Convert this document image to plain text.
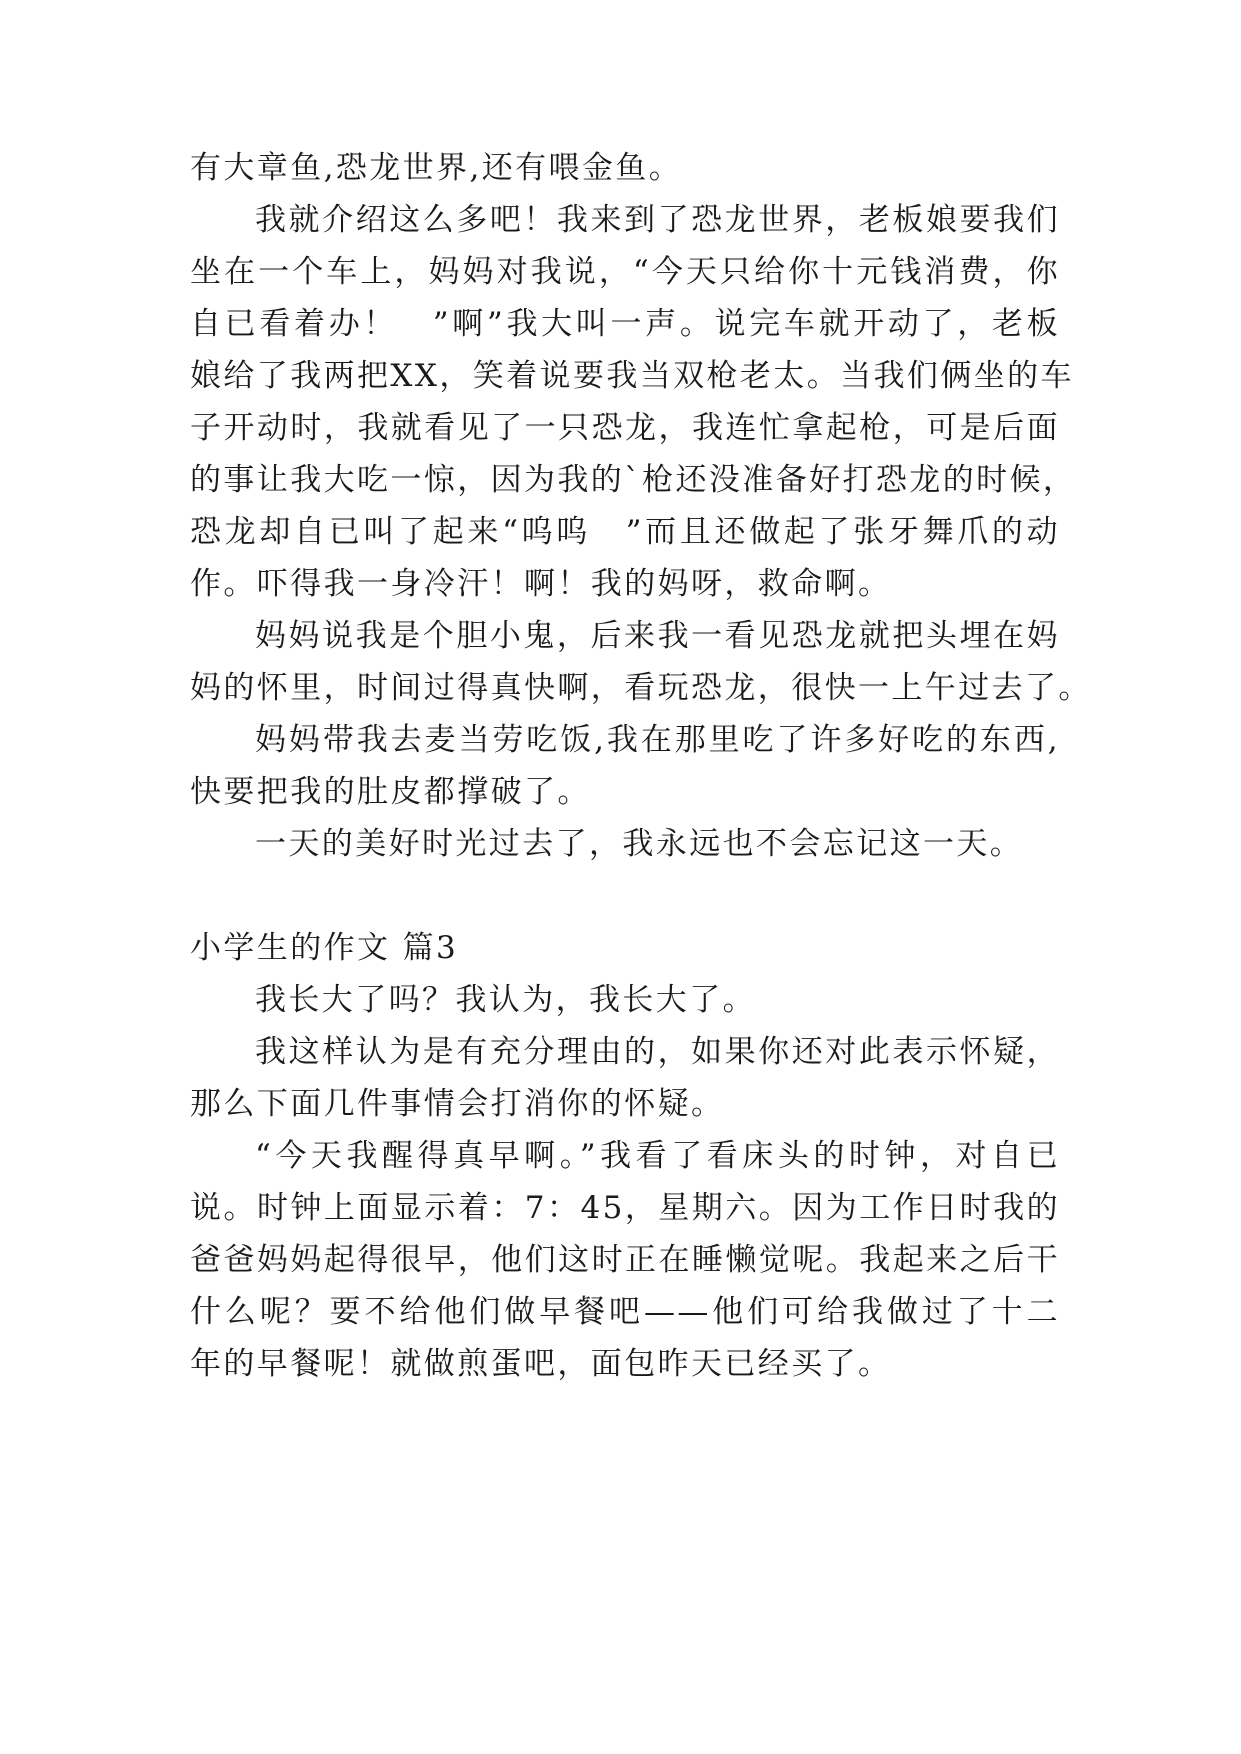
有大章鱼,恐龙世界,还有喂金鱼。
我就介绍这么多吧！我来到了恐龙世界，老板娘要我们
坐在一个车上，妈妈对我说，“今天只给你十元钱消费，你
自已看着办！　”啊”我大叫一声。说完车就开动了，老板
娘给了我两把XX，笑着说要我当双枪老太。当我们俩坐的车
子开动时，我就看见了一只恐龙，我连忙拿起枪，可是后面
的事让我大吃一惊，因为我的`枪还没准备好打恐龙的时候，
恐龙却自已叫了起来“呜呜　”而且还做起了张牙舞爪的动
作。吓得我一身冷汗！啊！我的妈呀，救命啊。
妈妈说我是个胆小鬼，后来我一看见恐龙就把头埋在妈
妈的怀里，时间过得真快啊，看玩恐龙，很快一上午过去了。
妈妈带我去麦当劳吃饭,我在那里吃了许多好吃的东西,
快要把我的肚皮都撑破了。
一天的美好时光过去了，我永远也不会忘记这一天。
小学生的作文 篇3
我长大了吗？我认为，我长大了。
我这样认为是有充分理由的，如果你还对此表示怀疑，
那么下面几件事情会打消你的怀疑。
“今天我醒得真早啊。”我看了看床头的时钟，对自已
说。时钟上面显示着：7：45，星期六。因为工作日时我的
爸爸妈妈起得很早，他们这时正在睡懒觉呢。我起来之后干
什么呢？要不给他们做早餐吧——他们可给我做过了十二
年的早餐呢！就做煎蛋吧，面包昨天已经买了。
